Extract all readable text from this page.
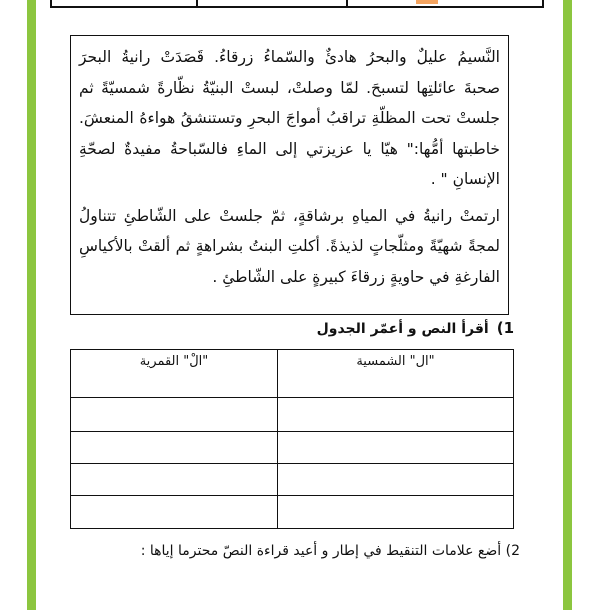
النَّسيمُ عليلٌ والبحرُ هادئٌ والسّماءُ زرقاءُ. قَصَدَتْ رانيةُ البحرَ صحبةَ عائلتِها لتسبحَ. لمّا وصلتْ، لبستْ البنيّةُ نظّارةً شمسيّةً ثم جلستْ تحت المظلّةِ تراقبُ أمواجَ البحرِ وتستنشقُ هواءهُ المنعشَ. خاطبتها أمُّها:" هيّا يا عزيزتي إلى الماءِ فالسّباحةُ مفيدةٌ لصحّةِ الإنسانِ " .

ارتمتْ رانيةُ في المياهِ برشاقةٍ، ثمّ جلستْ على الشّاطئِ تتناولُ لمجةً شهيّةً ومثلّجاتٍ لذيذةً. أكلتِ البنتُ بشراهةٍ ثم ألقتْ بالأكياسِ الفارغةِ في حاويةٍ زرقاءَ كبيرةٍ على الشّاطئِ .

1)أقرأ النص و أعمّر الجدول
"ال" الشمسية	"الْ" القمرية

2) أضع علامات التنقيط في إطار و أعيد قراءة النصّ محترما إياها :
